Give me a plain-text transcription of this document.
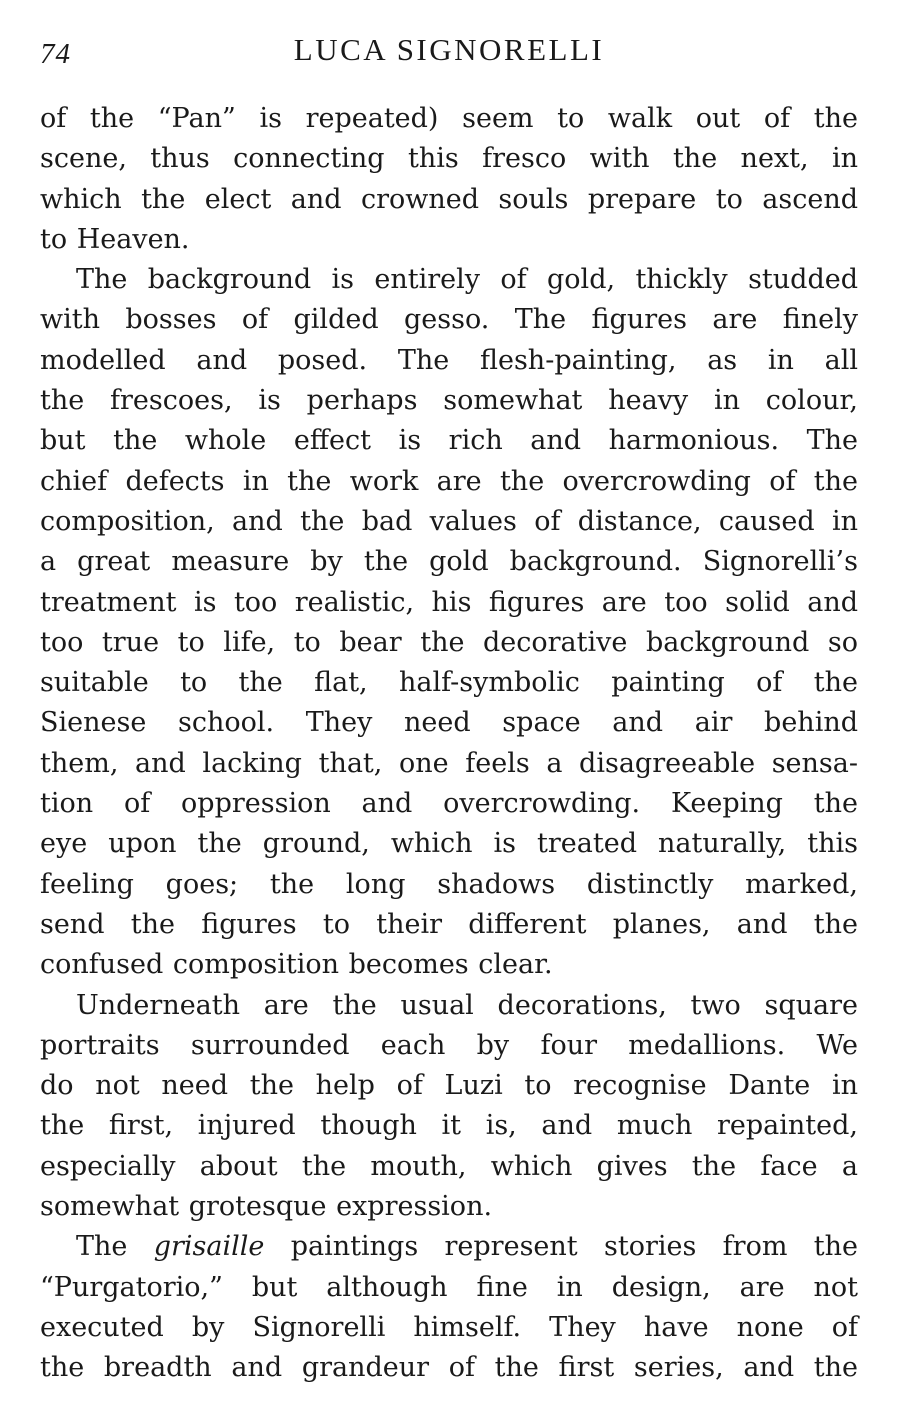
74	LUCA SIGNORELLI
of the “Pan” is repeated) seem to walk out of the
scene, thus connecting this fresco with the next, in
which the elect and crowned souls prepare to ascend
to Heaven.
The background is entirely of gold, thickly studded
with bosses of gilded gesso. The figures are finely
modelled and posed. The flesh-painting, as in all
the frescoes, is perhaps somewhat heavy in colour,
but the whole effect is rich and harmonious. The
chief defects in the work are the overcrowding of the
composition, and the bad values of distance, caused in
a great measure by the gold background. Signorelli’s
treatment is too realistic, his figures are too solid and
too true to life, to bear the decorative background so
suitable to the flat, half-symbolic painting of the
Sienese school. They need space and air behind
them, and lacking that, one feels a disagreeable sensa-
tion of oppression and overcrowding. Keeping the
eye upon the ground, which is treated naturally, this
feeling goes; the long shadows distinctly marked,
send the figures to their different planes, and the
confused composition becomes clear.
Underneath are the usual decorations, two square
portraits surrounded each by four medallions. We
do not need the help of Luzi to recognise Dante in
the first, injured though it is, and much repainted,
especially about the mouth, which gives the face a
somewhat grotesque expression.
The grisaille paintings represent stories from the
“Purgatorio,” but although fine in design, are not
executed by Signorelli himself. They have none of
the breadth and grandeur of the first series, and the
